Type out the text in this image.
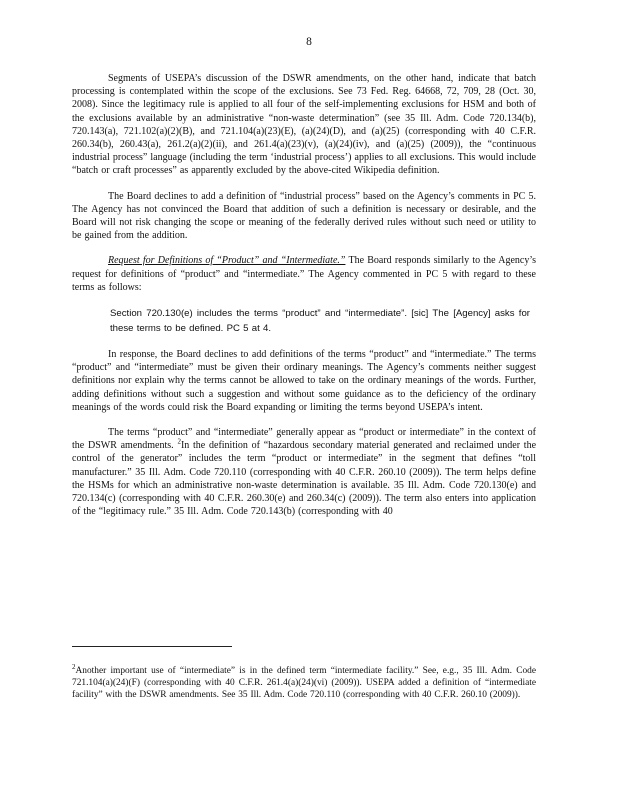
8

Segments of USEPA’s discussion of the DSWR amendments, on the other hand, indicate that batch processing is contemplated within the scope of the exclusions. See 73 Fed. Reg. 64668, 72, 709, 28 (Oct. 30, 2008). Since the legitimacy rule is applied to all four of the self-implementing exclusions for HSM and both of the exclusions available by an administrative “non-waste determination” (see 35 Ill. Adm. Code 720.134(b), 720.143(a), 721.102(a)(2)(B), and 721.104(a)(23)(E), (a)(24)(D), and (a)(25) (corresponding with 40 C.F.R. 260.34(b), 260.43(a), 261.2(a)(2)(ii), and 261.4(a)(23)(v), (a)(24)(iv), and (a)(25) (2009)), the “continuous industrial process” language (including the term ‘industrial process’) applies to all exclusions. This would include “batch or craft processes” as apparently excluded by the above-cited Wikipedia definition.

The Board declines to add a definition of “industrial process” based on the Agency’s comments in PC 5. The Agency has not convinced the Board that addition of such a definition is necessary or desirable, and the Board will not risk changing the scope or meaning of the federally derived rules without such need or utility to be gained from the addition.

Request for Definitions of “Product” and “Intermediate.” The Board responds similarly to the Agency’s request for definitions of “product” and “intermediate.” The Agency commented in PC 5 with regard to these terms as follows:

Section 720.130(e) includes the terms “product” and “intermediate”. [sic] The [Agency] asks for these terms to be defined. PC 5 at 4.

In response, the Board declines to add definitions of the terms “product” and “intermediate.” The terms “product” and “intermediate” must be given their ordinary meanings. The Agency’s comments neither suggest definitions nor explain why the terms cannot be allowed to take on the ordinary meanings of the words. Further, adding definitions without such a suggestion and without some guidance as to the deficiency of the ordinary meanings of the words could risk the Board expanding or limiting the terms beyond USEPA’s intent.

The terms “product” and “intermediate” generally appear as “product or intermediate” in the context of the DSWR amendments. $^2$In the definition of “hazardous secondary material generated and reclaimed under the control of the generator” includes the term “product or intermediate” in the segment that defines “toll manufacturer.” 35 Ill. Adm. Code 720.110 (corresponding with 40 C.F.R. 260.10 (2009)). The term helps define the HSMs for which an administrative non-waste determination is available. 35 Ill. Adm. Code 720.130(e) and 720.134(c) (corresponding with 40 C.F.R. 260.30(e) and 260.34(c) (2009)). The term also enters into application of the “legitimacy rule.” 35 Ill. Adm. Code 720.143(b) (corresponding with 40

$^2$Another important use of “intermediate” is in the defined term “intermediate facility.” See, e.g., 35 Ill. Adm. Code 721.104(a)(24)(F) (corresponding with 40 C.F.R. 261.4(a)(24)(vi) (2009)). USEPA added a definition of “intermediate facility” with the DSWR amendments. See 35 Ill. Adm. Code 720.110 (corresponding with 40 C.F.R. 260.10 (2009)).
